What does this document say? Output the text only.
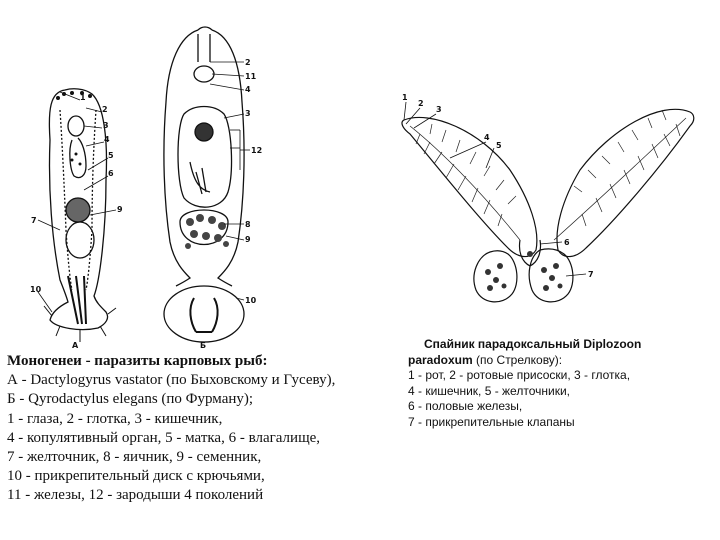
1
2
3
4
5
6
7
9
10
А
2
11
4
3
12
8
9
10
Б
1
2
3
4
5
6
7
Моногенеи - паразиты карповых рыб:
А - Dactylogyrus vastator (по Быховскому и Гусеву),
Б - Qyrodactylus elegans (по Фурману);
1 - глаза, 2 - глотка, 3 - кишечник,
4 - копулятивный орган, 5 - матка, 6 - влагалище,
7 - желточник, 8 - яичник, 9 - семенник,
10 - прикрепительный диск с крючьями,
11 - железы, 12 - зародыши 4 поколений
Спайник парадоксальный Diplozoon
paradoxum (по Стрелкову):
1 - рот, 2 - ротовые присоски, 3 - глотка,
4 - кишечник, 5 - желточники,
6 - половые железы,
7 - прикрепительные клапаны
